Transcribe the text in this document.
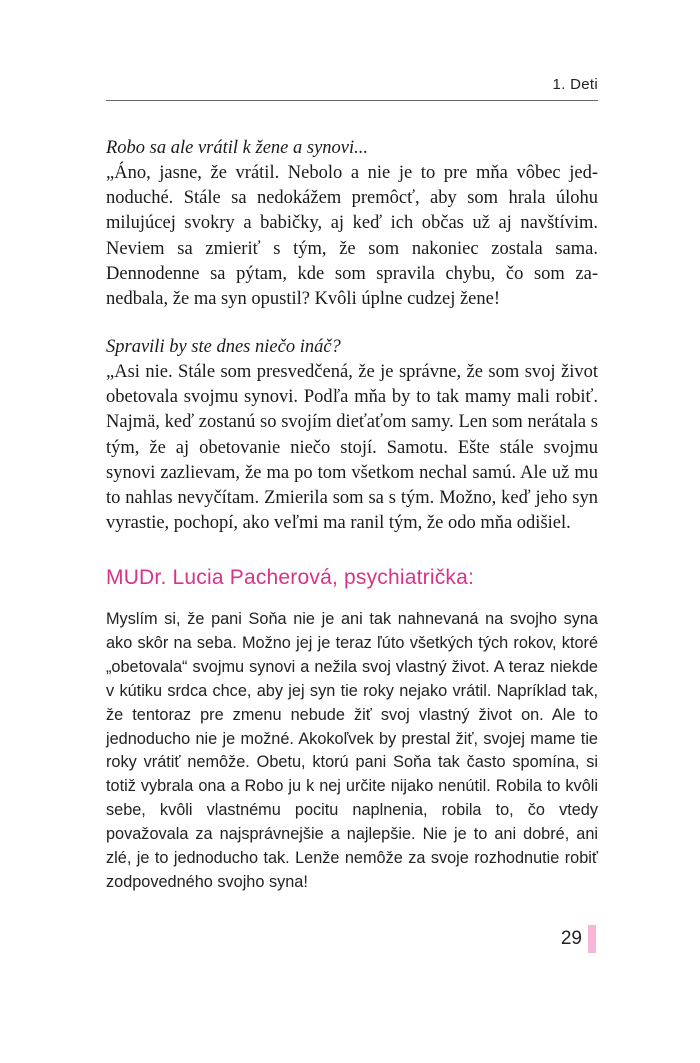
1. Deti

Robo sa ale vrátil k žene a synovi...

„Áno, jasne, že vrátil. Nebolo a nie je to pre mňa vôbec jednoduché. Stále sa nedokážem premôcť, aby som hrala úlohu milujúcej svokry a babičky, aj keď ich občas už aj navštívim. Neviem sa zmieriť s tým, že som nakoniec zostala sama. Dennodenne sa pýtam, kde som spravila chybu, čo som zanedbala, že ma syn opustil? Kvôli úplne cudzej žene!

Spravili by ste dnes niečo ináč?

„Asi nie. Stále som presvedčená, že je správne, že som svoj život obetovala svojmu synovi. Podľa mňa by to tak mamy mali robiť. Najmä, keď zostanú so svojím dieťaťom samy. Len som nerátala s tým, že aj obetovanie niečo stojí. Samotu. Ešte stále svojmu synovi zazlievam, že ma po tom všetkom nechal samú. Ale už mu to nahlas nevyčítam. Zmierila som sa s tým. Možno, keď jeho syn vyrastie, pochopí, ako veľmi ma ranil tým, že odo mňa odišiel.

MUDr. Lucia Pacherová, psychiatrička:

Myslím si, že pani Soňa nie je ani tak nahnevaná na svojho syna ako skôr na seba. Možno jej je teraz ľúto všetkých tých rokov, ktoré „obetovala“ svojmu synovi a nežila svoj vlastný život. A teraz niekde v kútiku srdca chce, aby jej syn tie roky nejako vrátil. Napríklad tak, že tentoraz pre zmenu nebude žiť svoj vlastný život on. Ale to jednoducho nie je možné. Akokoľvek by prestal žiť, svojej mame tie roky vrátiť nemôže. Obetu, ktorú pani Soňa tak často spomína, si totiž vybrala ona a Robo ju k nej určite nijako nenútil. Robila to kvôli sebe, kvôli vlastnému pocitu naplnenia, robila to, čo vtedy považovala za najsprávnejšie a najlepšie. Nie je to ani dobré, ani zlé, je to jednoducho tak. Lenže nemôže za svoje rozhodnutie robiť zodpovedného svojho syna!

29
